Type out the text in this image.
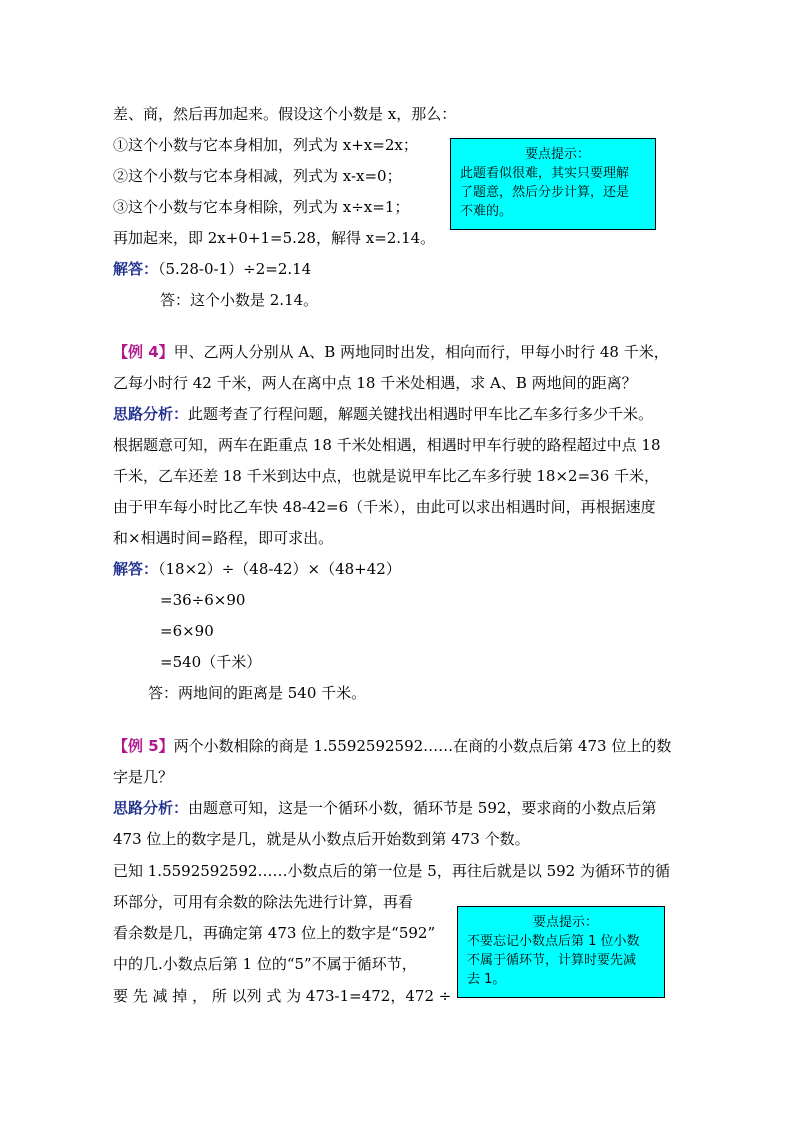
差、商，然后再加起来。假设这个小数是 x，那么：
①这个小数与它本身相加，列式为 x+x=2x；
②这个小数与它本身相减，列式为 x-x=0；
③这个小数与它本身相除，列式为 x÷x=1；
再加起来，即 2x+0+1=5.28，解得 x=2.14。
解答：（5.28-0-1）÷2=2.14
答：这个小数是 2.14。
要点提示：
此题看似很难，其实只要理解
了题意，然后分步计算，还是
不难的。
【例 4】甲、乙两人分别从 A、B 两地同时出发，相向而行，甲每小时行 48 千米，
乙每小时行 42 千米，两人在离中点 18 千米处相遇，求 A、B 两地间的距离？
思路分析：此题考查了行程问题，解题关键找出相遇时甲车比乙车多行多少千米。
根据题意可知，两车在距重点 18 千米处相遇，相遇时甲车行驶的路程超过中点 18
千米，乙车还差 18 千米到达中点，也就是说甲车比乙车多行驶 18×2=36 千米，
由于甲车每小时比乙车快 48-42=6（千米），由此可以求出相遇时间，再根据速度
和×相遇时间=路程，即可求出。
解答：（18×2）÷（48-42）×（48+42）
=36÷6×90
=6×90
=540（千米）
答：两地间的距离是 540 千米。
【例 5】两个小数相除的商是 1.5592592592……在商的小数点后第 473 位上的数
字是几？
思路分析：由题意可知，这是一个循环小数，循环节是 592，要求商的小数点后第
473 位上的数字是几，就是从小数点后开始数到第 473 个数。
已知 1.5592592592……小数点后的第一位是 5，再往后就是以 592 为循环节的循
环部分，可用有余数的除法先进行计算，再看
看余数是几，再确定第 473 位上的数字是“592”
中的几.小数点后第 1 位的“5”不属于循环节，
要 先 减 掉 ， 所 以列 式 为 473-1=472，472 ÷
要点提示：
不要忘记小数点后第 1 位小数
不属于循环节，计算时要先减
去 1。
